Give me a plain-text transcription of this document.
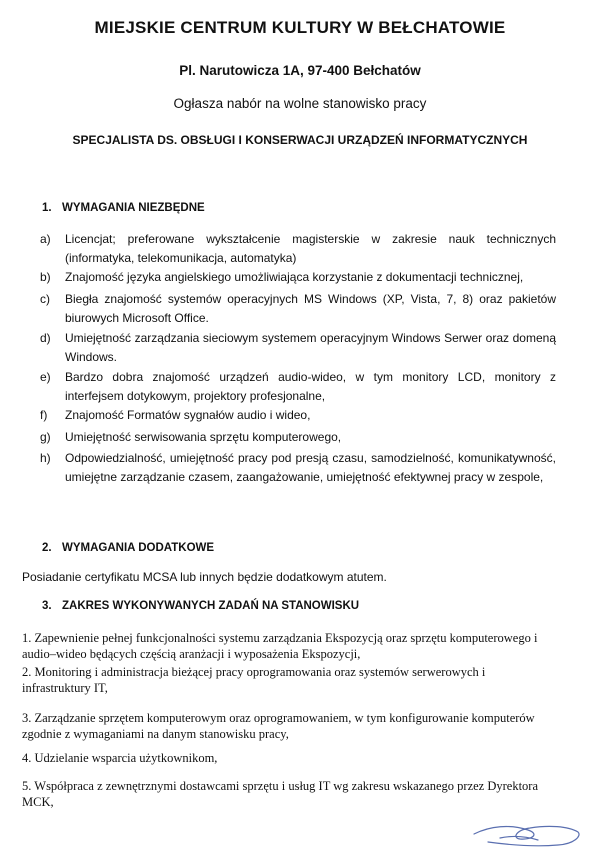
MIEJSKIE CENTRUM KULTURY W BEŁCHATOWIE
Pl. Narutowicza 1A, 97-400 Bełchatów
Ogłasza nabór na wolne stanowisko pracy
SPECJALISTA DS. OBSŁUGI I KONSERWACJI URZĄDZEŃ INFORMATYCZNYCH
1. WYMAGANIA NIEZBĘDNE
a)	Licencjat; preferowane wykształcenie magisterskie w zakresie nauk technicznych (informatyka, telekomunikacja, automatyka)
b)	Znajomość języka angielskiego umożliwiająca korzystanie z dokumentacji technicznej,
c)	Biegła znajomość systemów operacyjnych MS Windows (XP, Vista, 7, 8) oraz pakietów biurowych Microsoft Office.
d)	Umiejętność zarządzania sieciowym systemem operacyjnym Windows Serwer oraz domeną Windows.
e)	Bardzo dobra znajomość urządzeń audio-wideo, w tym monitory LCD, monitory z interfejsem dotykowym, projektory profesjonalne,
f)	Znajomość Formatów sygnałów audio i wideo,
g)	Umiejętność serwisowania sprzętu komputerowego,
h)	Odpowiedzialność, umiejętność pracy pod presją czasu, samodzielność, komunikatywność, umiejętne zarządzanie czasem, zaangażowanie, umiejętność efektywnej pracy w zespole,
2. WYMAGANIA DODATKOWE
Posiadanie certyfikatu MCSA lub innych będzie dodatkowym atutem.
3. ZAKRES WYKONYWANYCH ZADAŃ NA STANOWISKU
1. Zapewnienie pełnej funkcjonalności systemu zarządzania Ekspozycją oraz sprzętu komputerowego i audio–wideo będących częścią aranżacji i wyposażenia Ekspozycji,
2. Monitoring i administracja bieżącej pracy oprogramowania oraz systemów serwerowych i infrastruktury IT,
3. Zarządzanie sprzętem komputerowym oraz oprogramowaniem, w tym konfigurowanie komputerów zgodnie z wymaganiami na danym stanowisku pracy,
4. Udzielanie wsparcia użytkownikom,
5. Współpraca z zewnętrznymi dostawcami sprzętu i usług IT wg zakresu wskazanego przez Dyrektora MCK,
